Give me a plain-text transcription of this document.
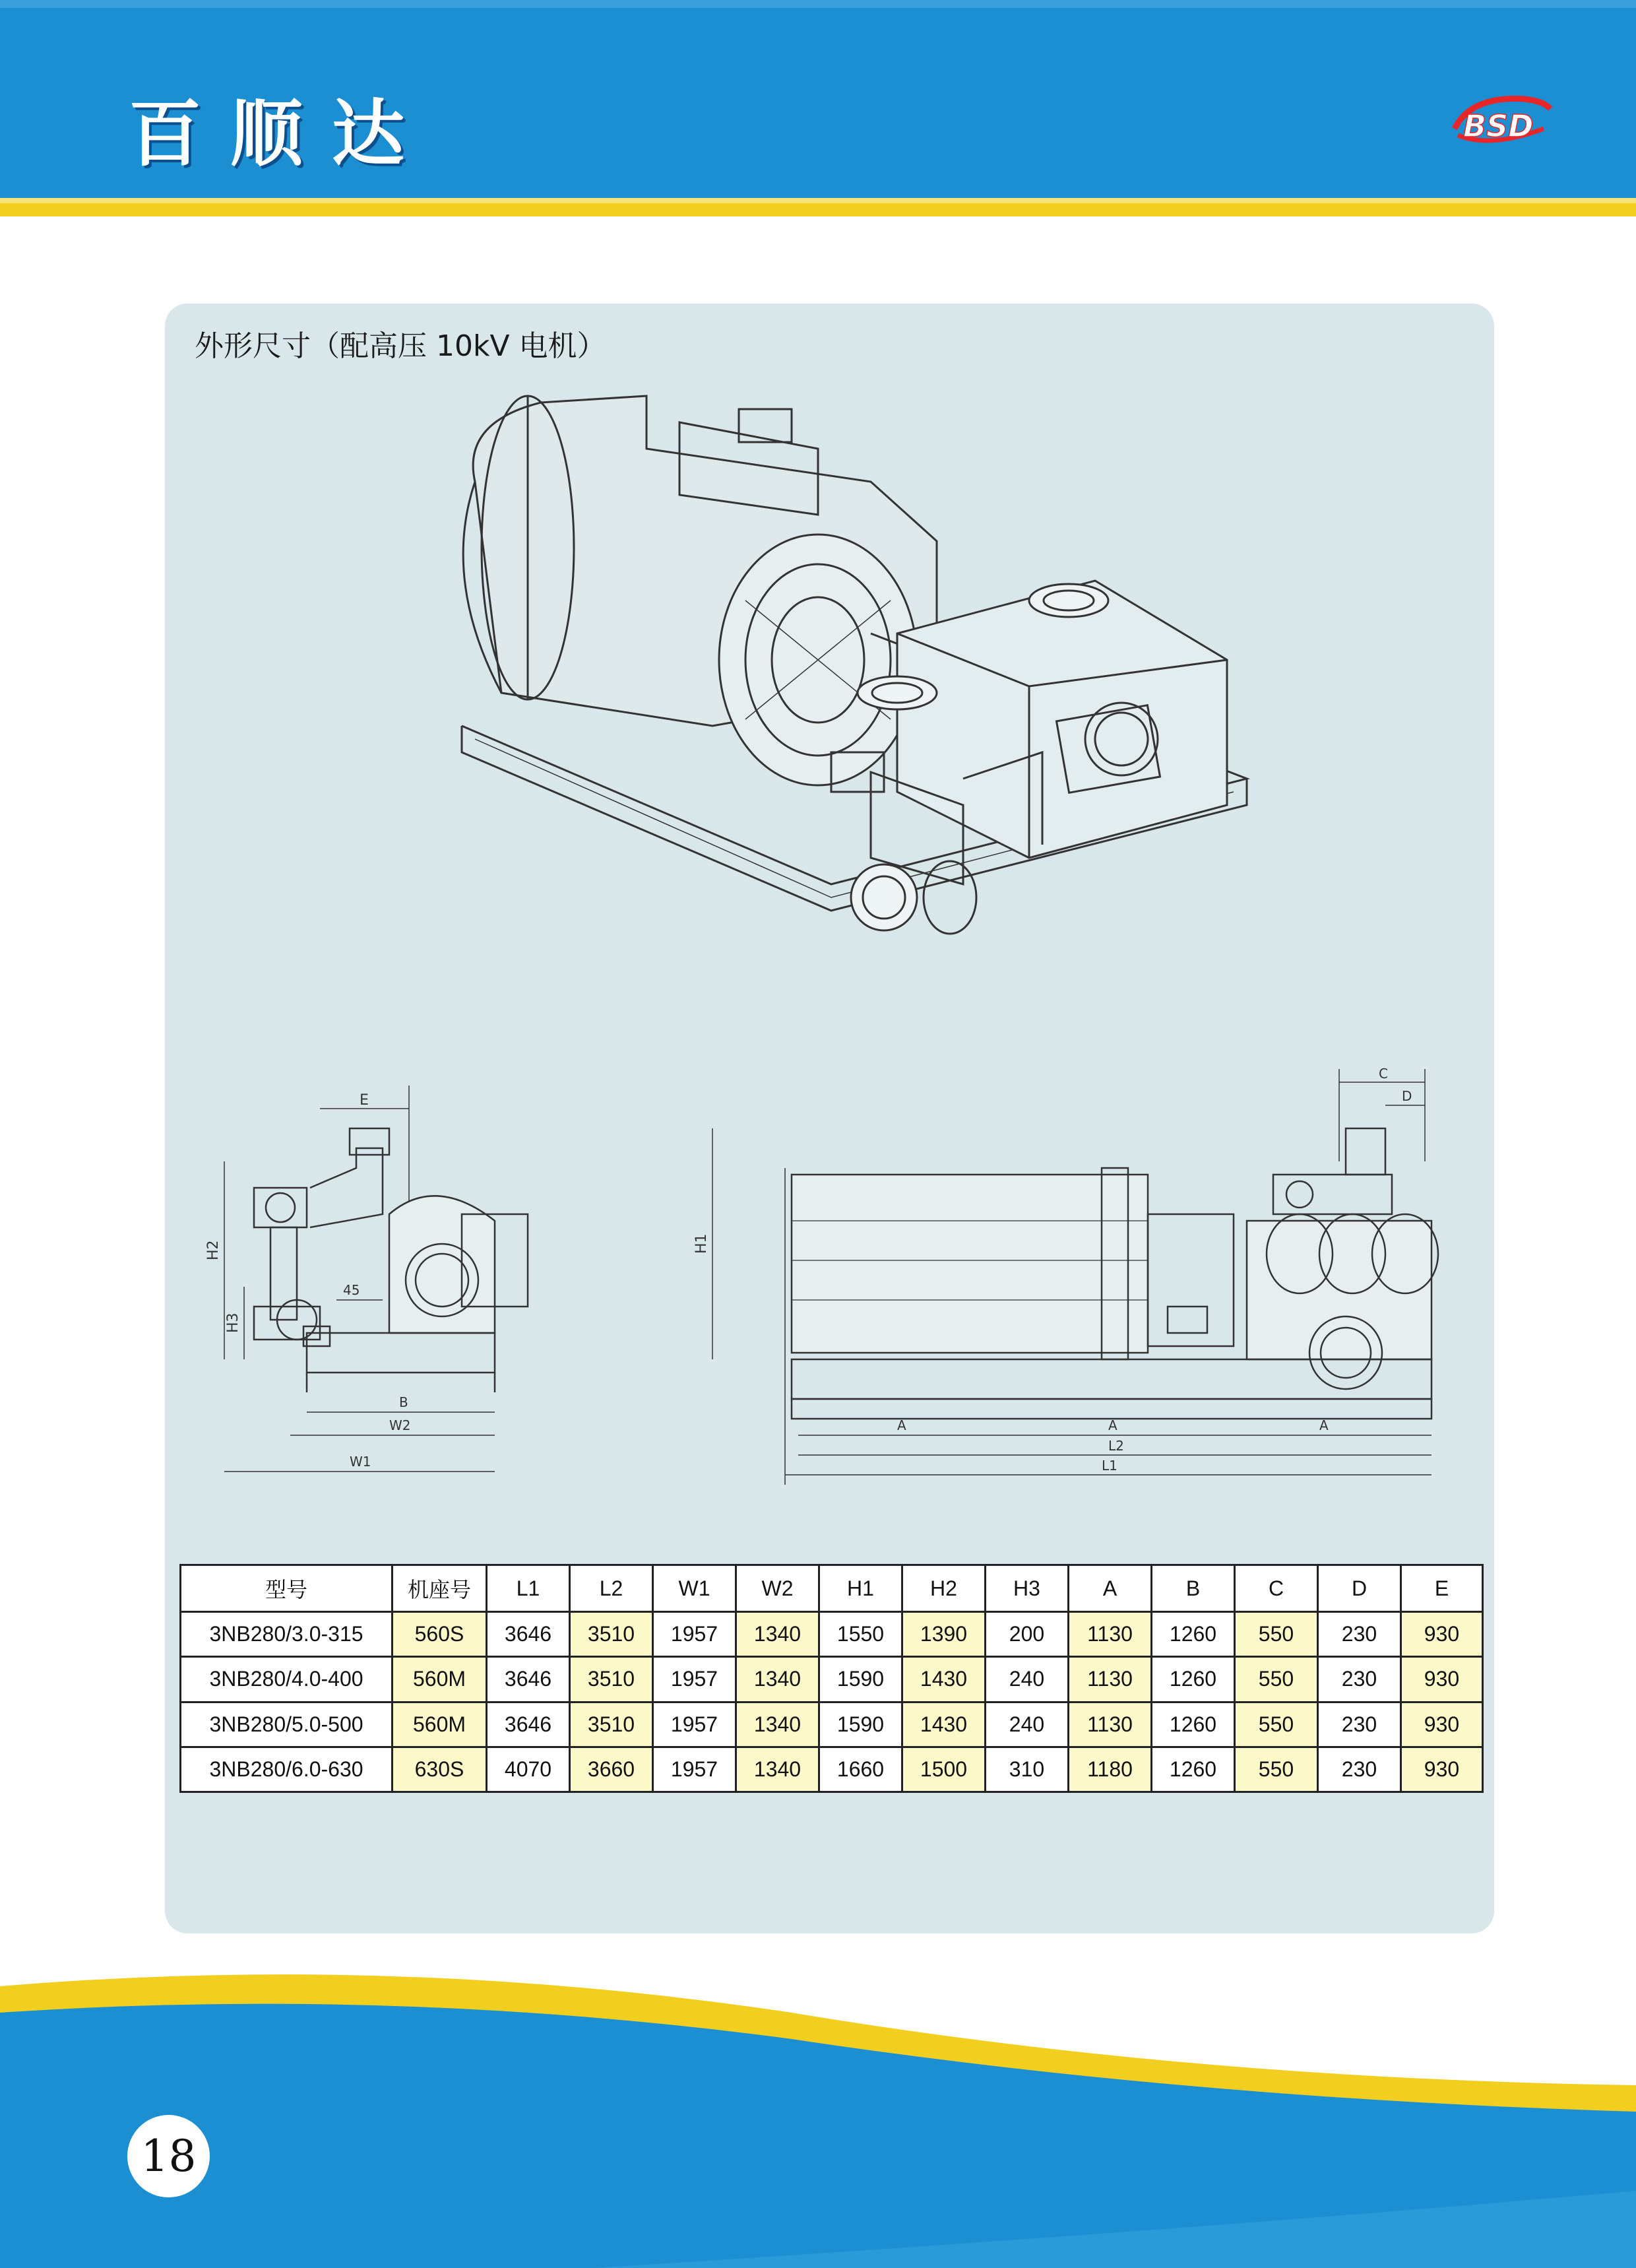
百顺达	BSD
外形尺寸（配高压 10kV 电机）
E
H2	H1
H3
45
B
W2
W1
C
D
A	A	A
L2
L1
型号	机座号	L1	L2	W1	W2	H1	H2	H3	A	B	C	D	E
3NB280/3.0-315	560S	3646	3510	1957	1340	1550	1390	200	1130	1260	550	230	930
3NB280/4.0-400	560M	3646	3510	1957	1340	1590	1430	240	1130	1260	550	230	930
3NB280/5.0-500	560M	3646	3510	1957	1340	1590	1430	240	1130	1260	550	230	930
3NB280/6.0-630	630S	4070	3660	1957	1340	1660	1500	310	1180	1260	550	230	930
18
